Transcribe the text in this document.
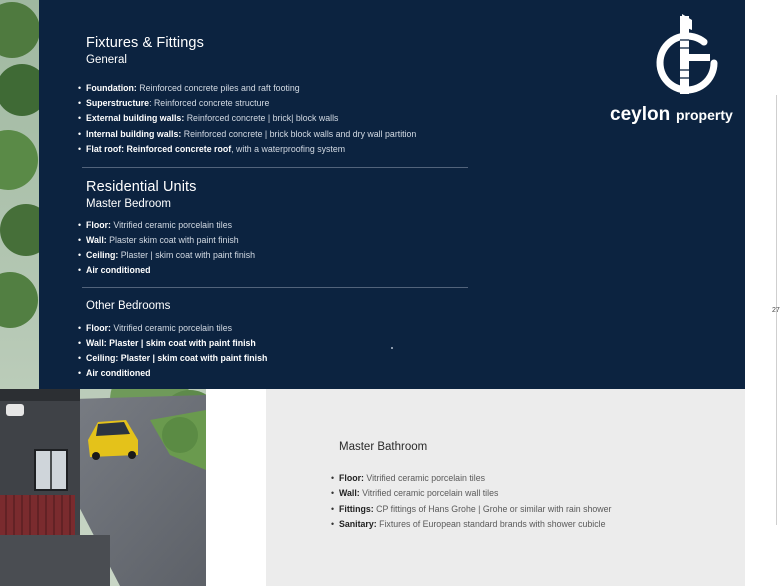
27
ceylon property
Fixtures & Fittings
General
• Foundation: Reinforced concrete piles and raft footing
• Superstructure: Reinforced concrete structure
• External building walls: Reinforced concrete | brick| block walls
• Internal building walls: Reinforced concrete | brick block walls and dry wall partition
• Flat roof: Reinforced concrete roof, with a waterproofing system
Residential Units
Master Bedroom
• Floor: Vitrified ceramic porcelain tiles
• Wall: Plaster skim coat with paint finish
• Ceiling: Plaster | skim coat with paint finish
• Air conditioned
Other Bedrooms
• Floor: Vitrified ceramic porcelain tiles
• Wall: Plaster | skim coat with paint finish
• Ceiling: Plaster | skim coat with paint finish
• Air conditioned
Master Bathroom
• Floor: Vitrified ceramic porcelain tiles
• Wall: Vitrified ceramic porcelain wall tiles
• Fittings: CP fittings of Hans Grohe | Grohe or similar with rain shower
• Sanitary: Fixtures of European standard brands with shower cubicle
